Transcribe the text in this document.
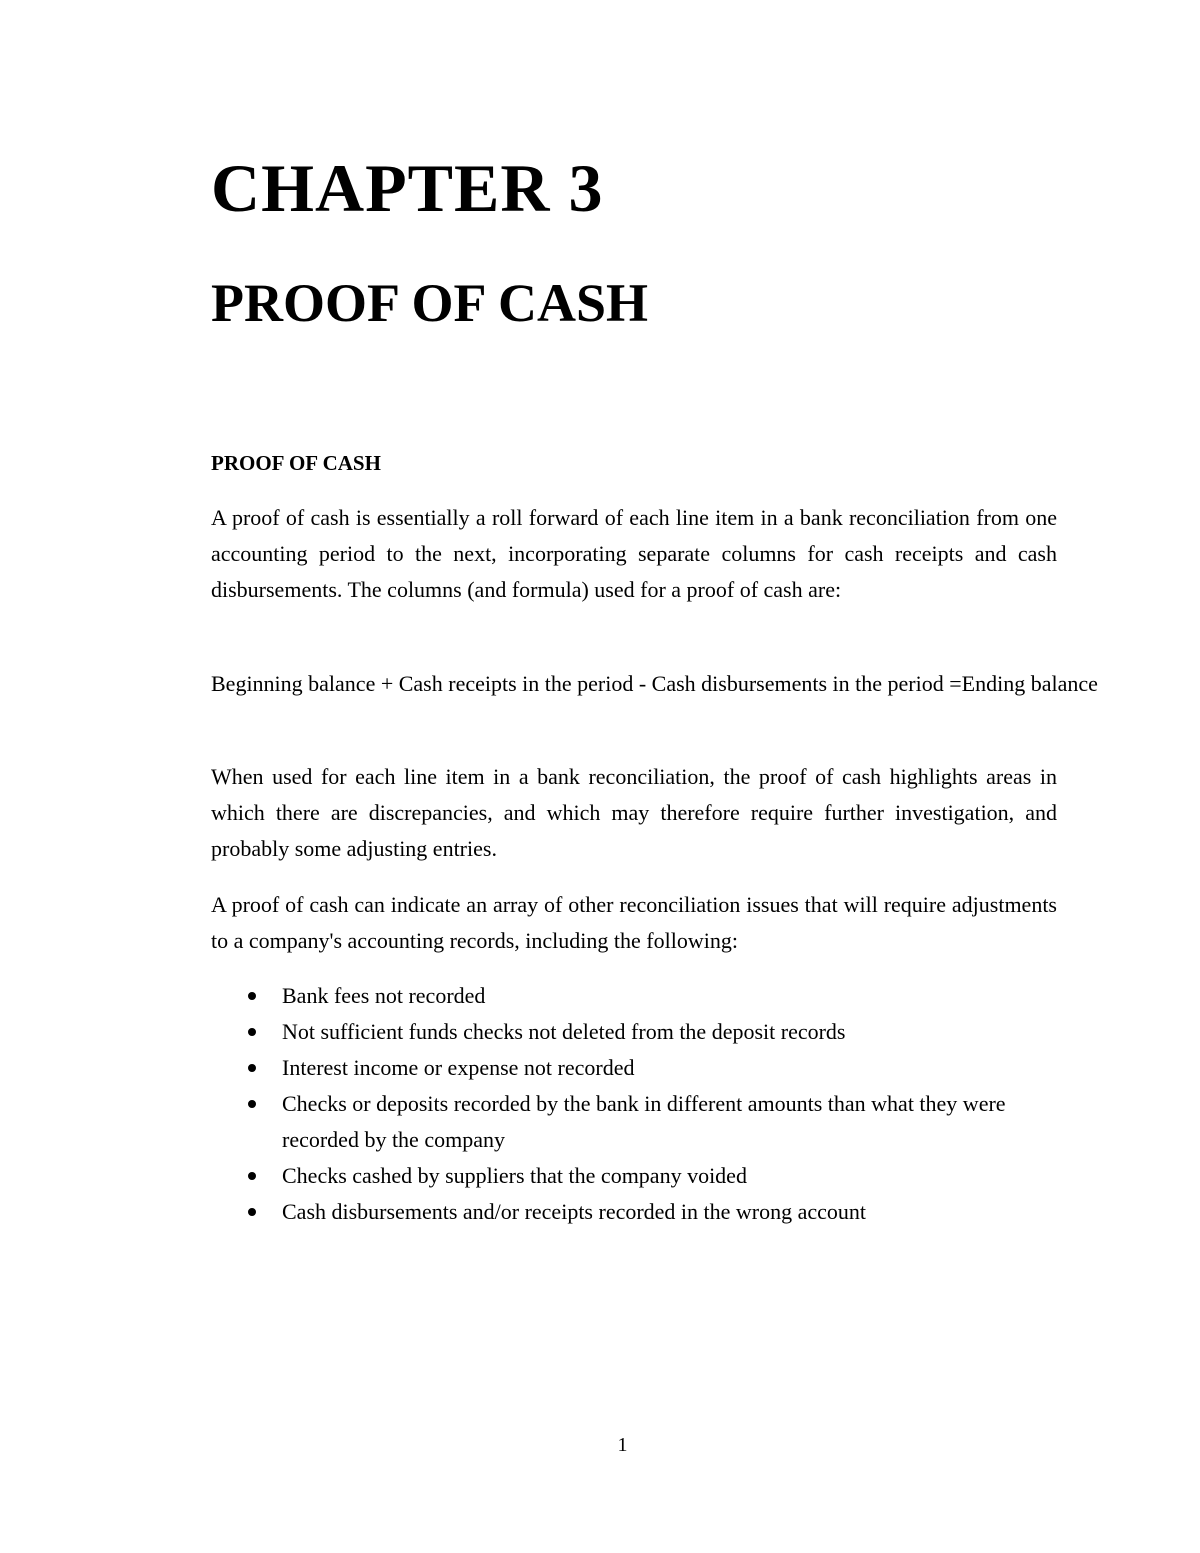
CHAPTER 3
PROOF OF CASH
PROOF OF CASH

A proof of cash is essentially a roll forward of each line item in a bank reconciliation from one accounting period to the next, incorporating separate columns for cash receipts and cash disbursements. The columns (and formula) used for a proof of cash are:

Beginning balance + Cash receipts in the period - Cash disbursements in the period =Ending balance

When used for each line item in a bank reconciliation, the proof of cash highlights areas in which there are discrepancies, and which may therefore require further investigation, and probably some adjusting entries.

A proof of cash can indicate an array of other reconciliation issues that will require adjustments to a company's accounting records, including the following:

Bank fees not recorded
Not sufficient funds checks not deleted from the deposit records
Interest income or expense not recorded
Checks or deposits recorded by the bank in different amounts than what they were recorded by the company
Checks cashed by suppliers that the company voided
Cash disbursements and/or receipts recorded in the wrong account
1
